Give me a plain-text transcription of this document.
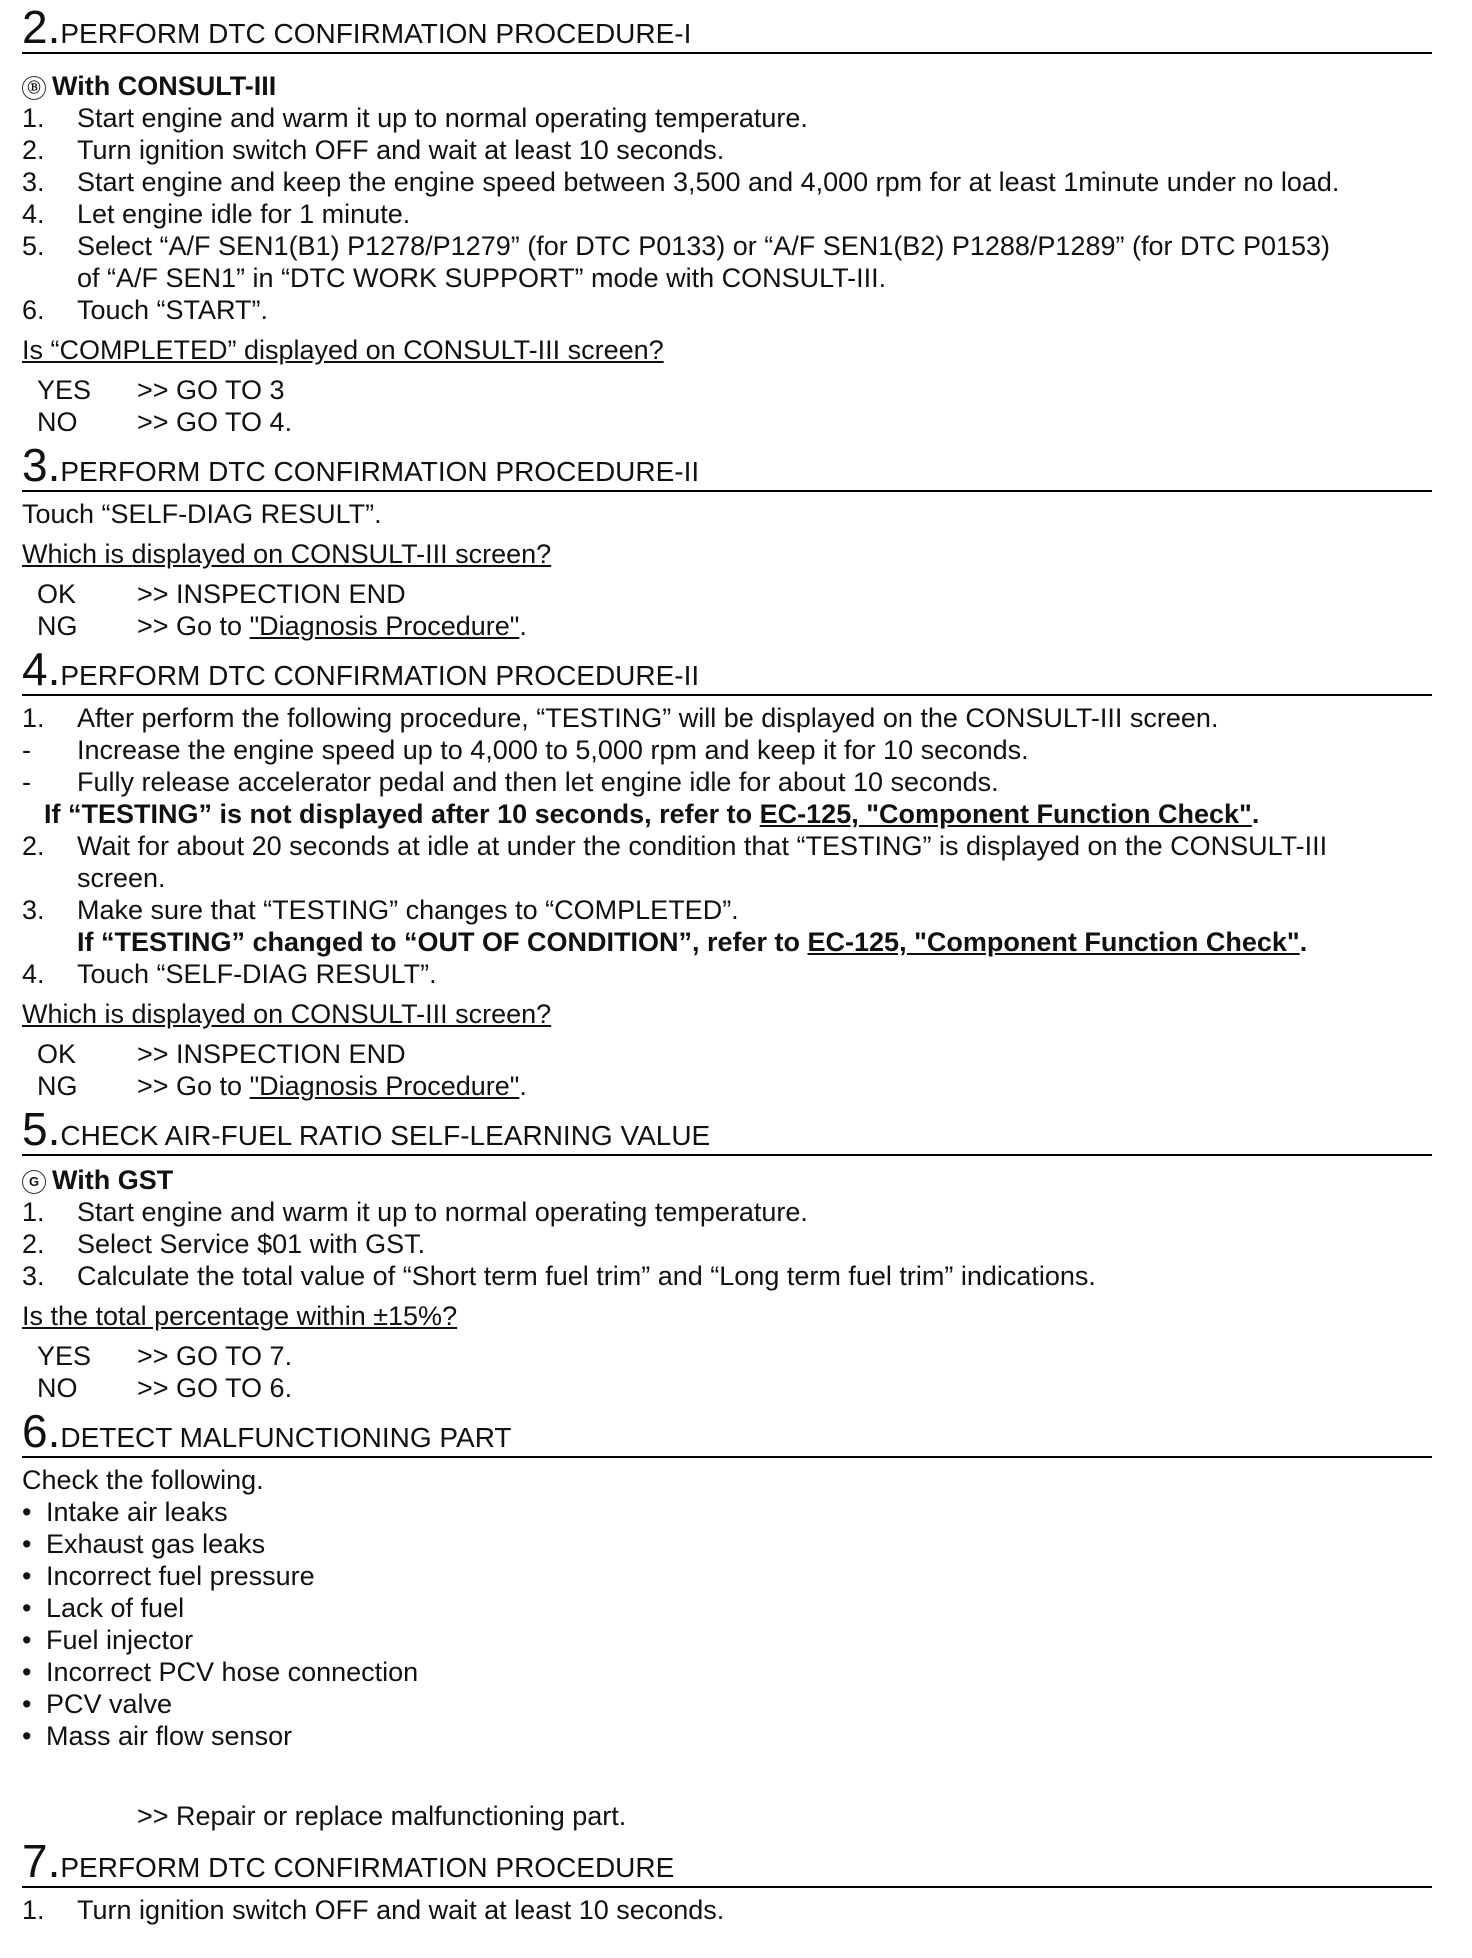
2.PERFORM DTC CONFIRMATION PROCEDURE-I
Ⓑ With CONSULT-III
1. Start engine and warm it up to normal operating temperature.
2. Turn ignition switch OFF and wait at least 10 seconds.
3. Start engine and keep the engine speed between 3,500 and 4,000 rpm for at least 1minute under no load.
4. Let engine idle for 1 minute.
5. Select “A/F SEN1(B1) P1278/P1279” (for DTC P0133) or “A/F SEN1(B2) P1288/P1289” (for DTC P0153)
of “A/F SEN1” in “DTC WORK SUPPORT” mode with CONSULT-III.
6. Touch “START”.
Is “COMPLETED” displayed on CONSULT-III screen?
YES >> GO TO 3
NO >> GO TO 4.
3.PERFORM DTC CONFIRMATION PROCEDURE-II
Touch “SELF-DIAG RESULT”.
Which is displayed on CONSULT-III screen?
OK >> INSPECTION END
NG >> Go to "Diagnosis Procedure".
4.PERFORM DTC CONFIRMATION PROCEDURE-II
1. After perform the following procedure, “TESTING” will be displayed on the CONSULT-III screen.
- Increase the engine speed up to 4,000 to 5,000 rpm and keep it for 10 seconds.
- Fully release accelerator pedal and then let engine idle for about 10 seconds.
If “TESTING” is not displayed after 10 seconds, refer to EC-125, "Component Function Check".
2. Wait for about 20 seconds at idle at under the condition that “TESTING” is displayed on the CONSULT-III
screen.
3. Make sure that “TESTING” changes to “COMPLETED”.
If “TESTING” changed to “OUT OF CONDITION”, refer to EC-125, "Component Function Check".
4. Touch “SELF-DIAG RESULT”.
Which is displayed on CONSULT-III screen?
OK >> INSPECTION END
NG >> Go to "Diagnosis Procedure".
5.CHECK AIR-FUEL RATIO SELF-LEARNING VALUE
G With GST
1. Start engine and warm it up to normal operating temperature.
2. Select Service $01 with GST.
3. Calculate the total value of “Short term fuel trim” and “Long term fuel trim” indications.
Is the total percentage within ±15%?
YES >> GO TO 7.
NO >> GO TO 6.
6.DETECT MALFUNCTIONING PART
Check the following.
• Intake air leaks
• Exhaust gas leaks
• Incorrect fuel pressure
• Lack of fuel
• Fuel injector
• Incorrect PCV hose connection
• PCV valve
• Mass air flow sensor
>> Repair or replace malfunctioning part.
7.PERFORM DTC CONFIRMATION PROCEDURE
1. Turn ignition switch OFF and wait at least 10 seconds.
